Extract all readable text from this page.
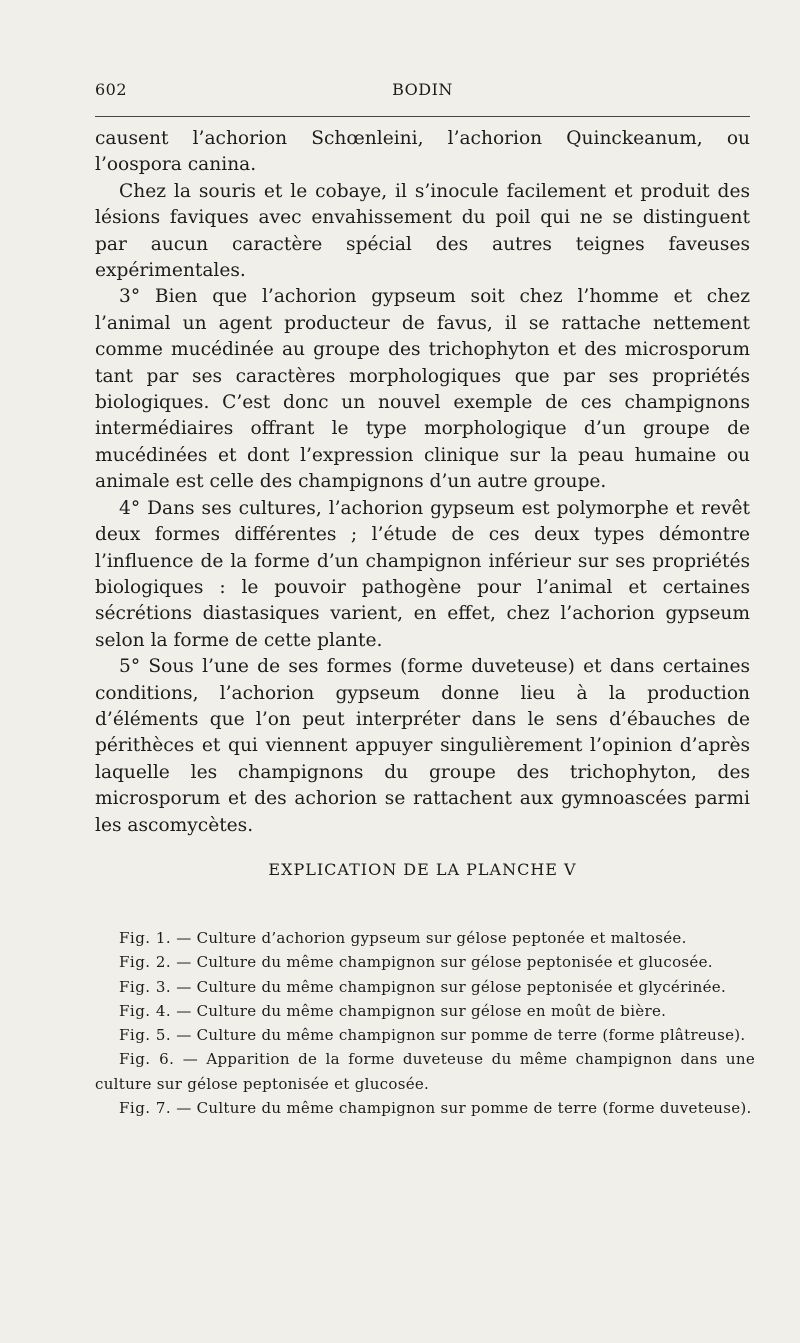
602	BODIN

causent l’achorion Schœnleini, l’achorion Quinckeanum, ou l’oospora canina.

Chez la souris et le cobaye, il s’inocule facilement et produit des lésions faviques avec envahissement du poil qui ne se distinguent par aucun caractère spécial des autres teignes faveuses expérimentales.

3° Bien que l’achorion gypseum soit chez l’homme et chez l’animal un agent producteur de favus, il se rattache nettement comme mucédinée au groupe des trichophyton et des microsporum tant par ses caractères morphologiques que par ses propriétés biologiques. C’est donc un nouvel exemple de ces champignons intermédiaires offrant le type morphologique d’un groupe de mucédinées et dont l’expression clinique sur la peau humaine ou animale est celle des champignons d’un autre groupe.

4° Dans ses cultures, l’achorion gypseum est polymorphe et revêt deux formes différentes ; l’étude de ces deux types démontre l’influence de la forme d’un champignon inférieur sur ses propriétés biologiques : le pouvoir pathogène pour l’animal et certaines sécrétions diastasiques varient, en effet, chez l’achorion gypseum selon la forme de cette plante.

5° Sous l’une de ses formes (forme duveteuse) et dans certaines conditions, l’achorion gypseum donne lieu à la production d’éléments que l’on peut interpréter dans le sens d’ébauches de périthèces et qui viennent appuyer singulièrement l’opinion d’après laquelle les champignons du groupe des trichophyton, des microsporum et des achorion se rattachent aux gymnoascées parmi les ascomycètes.

EXPLICATION DE LA PLANCHE V

Fig. 1. — Culture d’achorion gypseum sur gélose peptonée et maltosée.

Fig. 2. — Culture du même champignon sur gélose peptonisée et glucosée.

Fig. 3. — Culture du même champignon sur gélose peptonisée et glycérinée.

Fig. 4. — Culture du même champignon sur gélose en moût de bière.

Fig. 5. — Culture du même champignon sur pomme de terre (forme plâtreuse).

Fig. 6. — Apparition de la forme duveteuse du même champignon dans une culture sur gélose peptonisée et glucosée.

Fig. 7. — Culture du même champignon sur pomme de terre (forme duveteuse).
